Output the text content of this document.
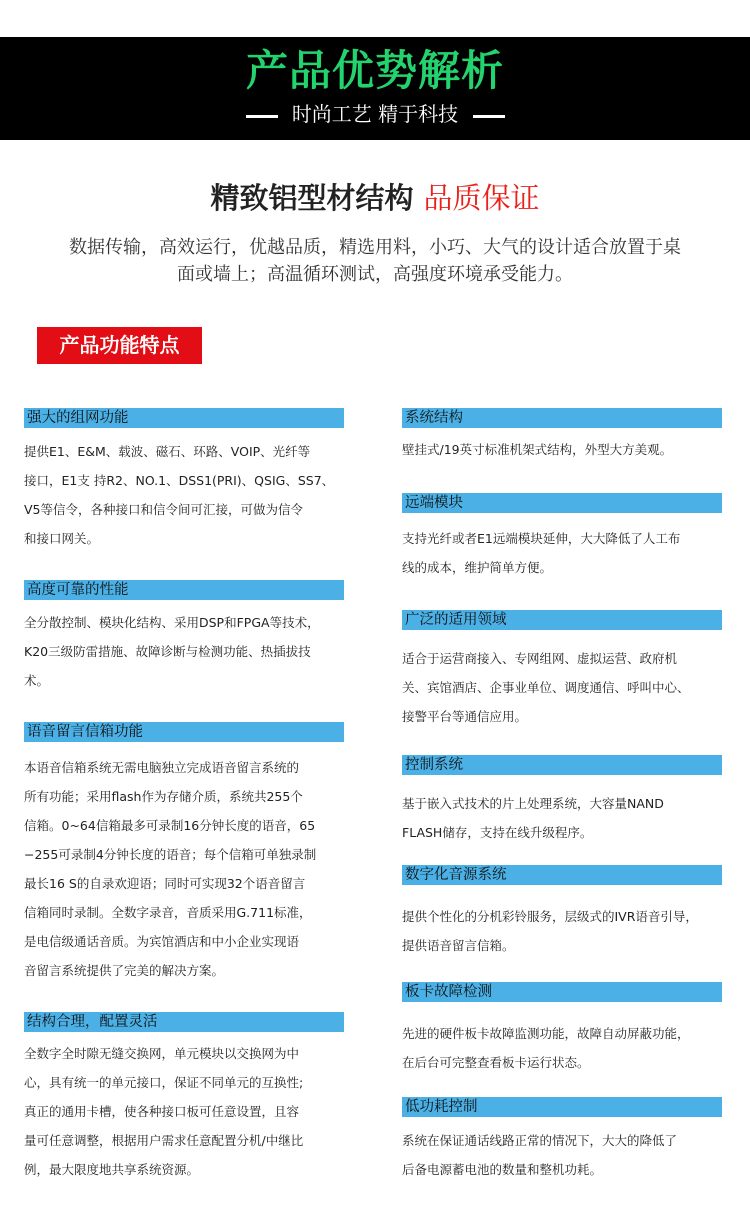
产品优势解析
时尚工艺 精于科技
精致铝型材结构 品质保证
数据传输，高效运行，优越品质，精选用料，小巧、大气的设计适合放置于桌
面或墙上；高温循环测试，高强度环境承受能力。
产品功能特点
强大的组网功能
提供E1、E&M、载波、磁石、环路、VOIP、光纤等
接口，E1支 持R2、NO.1、DSS1(PRI)、QSIG、SS7、
V5等信令，各种接口和信令间可汇接，可做为信令
和接口网关。
高度可靠的性能
全分散控制、模块化结构、采用DSP和FPGA等技术，
K20三级防雷措施、故障诊断与检测功能、热插拔技
术。
语音留言信箱功能
本语音信箱系统无需电脑独立完成语音留言系统的
所有功能；采用flash作为存储介质，系统共255个
信箱。0~64信箱最多可录制16分钟长度的语音，65
−255可录制4分钟长度的语音；每个信箱可单独录制
最长16 S的自录欢迎语；同时可实现32个语音留言
信箱同时录制。全数字录音，音质采用G.711标准，
是电信级通话音质。为宾馆酒店和中小企业实现语
音留言系统提供了完美的解决方案。
结构合理，配置灵活
全数字全时隙无缝交换网，单元模块以交换网为中
心，具有统一的单元接口，保证不同单元的互换性;
真正的通用卡槽，使各种接口板可任意设置，且容
量可任意调整，根据用户需求任意配置分机/中继比
例，最大限度地共享系统资源。
系统结构
壁挂式/19英寸标准机架式结构，外型大方美观。
远端模块
支持光纤或者E1远端模块延伸，大大降低了人工布
线的成本，维护简单方便。
广泛的适用领域
适合于运营商接入、专网组网、虚拟运营、政府机
关、宾馆酒店、企事业单位、调度通信、呼叫中心、
接警平台等通信应用。
控制系统
基于嵌入式技术的片上处理系统，大容量NAND
FLASH储存，支持在线升级程序。
数字化音源系统
提供个性化的分机彩铃服务，层级式的IVR语音引导，
提供语音留言信箱。
板卡故障检测
先进的硬件板卡故障监测功能，故障自动屏蔽功能，
在后台可完整查看板卡运行状态。
低功耗控制
系统在保证通话线路正常的情况下，大大的降低了
后备电源蓄电池的数量和整机功耗。
